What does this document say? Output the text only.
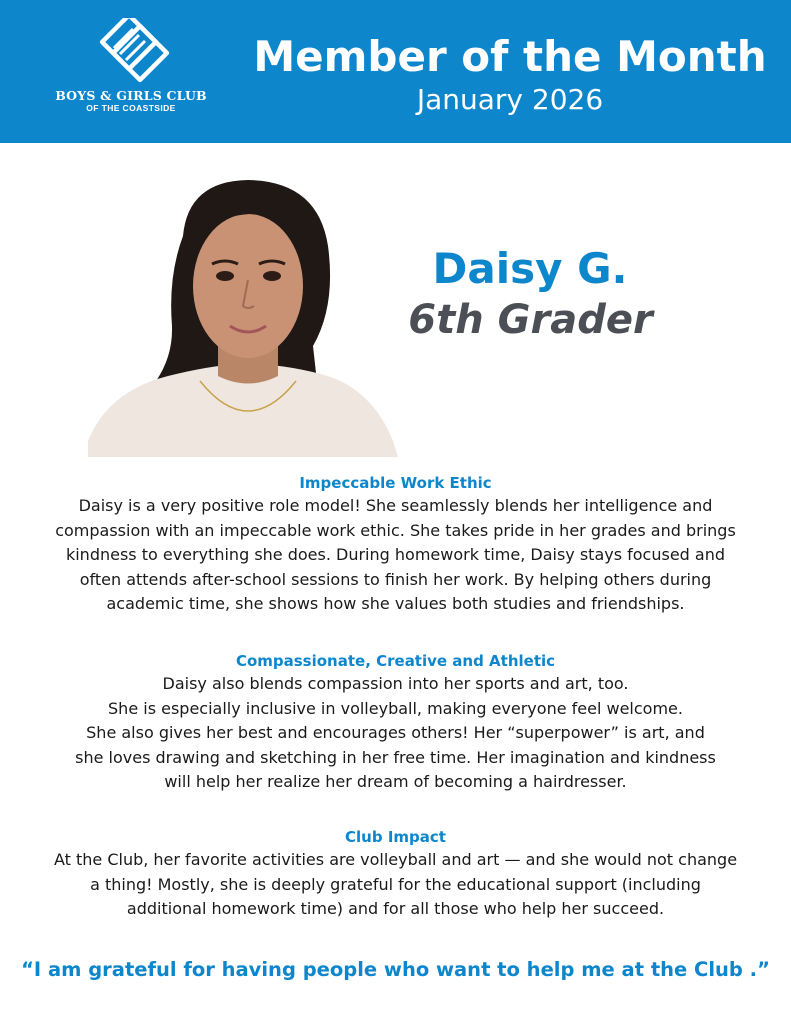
BOYS & GIRLS CLUB
OF THE COASTSIDE
Member of the Month
January 2026
Daisy G.
6th Grader
Impeccable Work Ethic
Daisy is a very positive role model! She seamlessly blends her intelligence and
compassion with an impeccable work ethic. She takes pride in her grades and brings
kindness to everything she does. During homework time, Daisy stays focused and
often attends after-school sessions to finish her work. By helping others during
academic time, she shows how she values both studies and friendships.
Compassionate, Creative and Athletic
Daisy also blends compassion into her sports and art, too.
She is especially inclusive in volleyball, making everyone feel welcome.
She also gives her best and encourages others! Her “superpower” is art, and
she loves drawing and sketching in her free time. Her imagination and kindness
will help her realize her dream of becoming a hairdresser.
Club Impact
At the Club, her favorite activities are volleyball and art — and she would not change
a thing! Mostly, she is deeply grateful for the educational support (including
additional homework time) and for all those who help her succeed.
“I am grateful for having people who want to help me at the Club .”
